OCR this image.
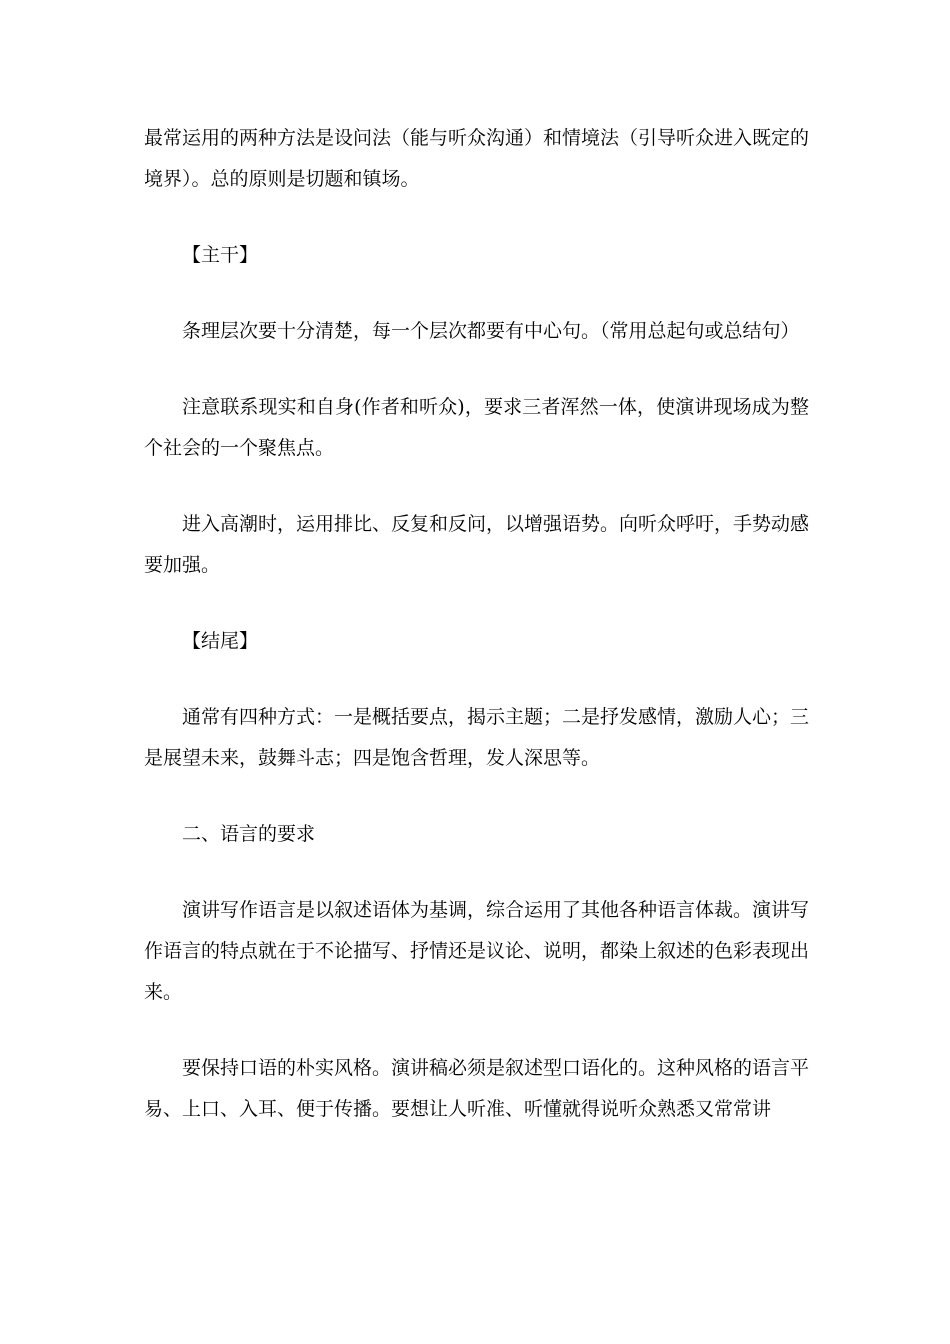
最常运用的两种方法是设问法（能与听众沟通）和情境法（引导听众进入既定的境界）。总的原则是切题和镇场。

【主干】

条理层次要十分清楚，每一个层次都要有中心句。（常用总起句或总结句）

注意联系现实和自身(作者和听众)，要求三者浑然一体，使演讲现场成为整个社会的一个聚焦点。

进入高潮时，运用排比、反复和反问，以增强语势。向听众呼吁，手势动感要加强。

【结尾】

通常有四种方式：一是概括要点，揭示主题；二是抒发感情，激励人心；三是展望未来，鼓舞斗志；四是饱含哲理，发人深思等。

二、语言的要求

演讲写作语言是以叙述语体为基调，综合运用了其他各种语言体裁。演讲写作语言的特点就在于不论描写、抒情还是议论、说明，都染上叙述的色彩表现出来。

要保持口语的朴实风格。演讲稿必须是叙述型口语化的。这种风格的语言平易、上口、入耳、便于传播。要想让人听准、听懂就得说听众熟悉又常常讲
